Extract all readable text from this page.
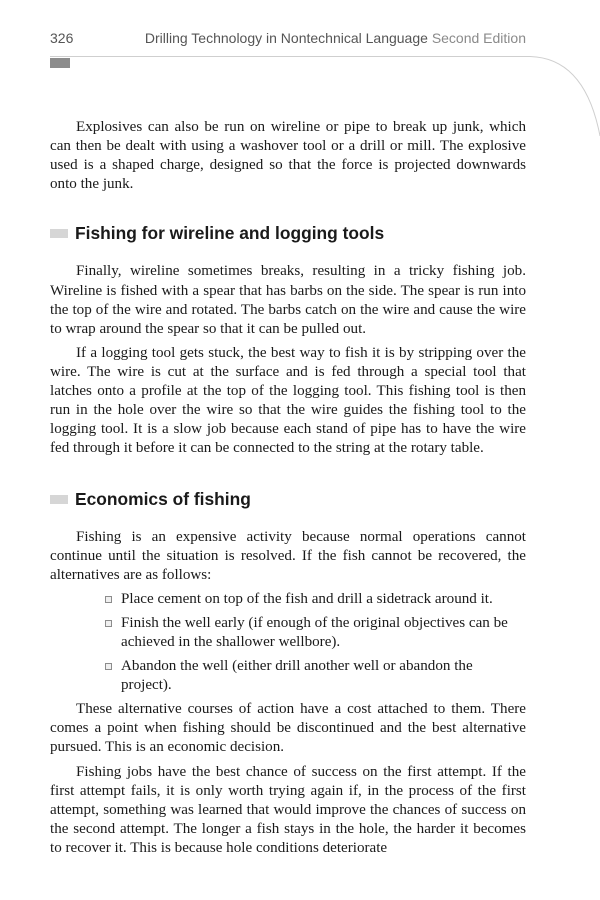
326	Drilling Technology in Nontechnical Language Second Edition

Explosives can also be run on wireline or pipe to break up junk, which can then be dealt with using a washover tool or a drill or mill. The explosive used is a shaped charge, designed so that the force is projected downwards onto the junk.

Fishing for wireline and logging tools

Finally, wireline sometimes breaks, resulting in a tricky fishing job. Wireline is fished with a spear that has barbs on the side. The spear is run into the top of the wire and rotated. The barbs catch on the wire and cause the wire to wrap around the spear so that it can be pulled out.

If a logging tool gets stuck, the best way to fish it is by stripping over the wire. The wire is cut at the surface and is fed through a special tool that latches onto a profile at the top of the logging tool. This fishing tool is then run in the hole over the wire so that the wire guides the fishing tool to the logging tool. It is a slow job because each stand of pipe has to have the wire fed through it before it can be connected to the string at the rotary table.

Economics of fishing

Fishing is an expensive activity because normal operations cannot continue until the situation is resolved. If the fish cannot be recovered, the alternatives are as follows:

Place cement on top of the fish and drill a sidetrack around it.
Finish the well early (if enough of the original objectives can be achieved in the shallower wellbore).
Abandon the well (either drill another well or abandon the project).

These alternative courses of action have a cost attached to them. There comes a point when fishing should be discontinued and the best alternative pursued. This is an economic decision.

Fishing jobs have the best chance of success on the first attempt. If the first attempt fails, it is only worth trying again if, in the process of the first attempt, something was learned that would improve the chances of success on the second attempt. The longer a fish stays in the hole, the harder it becomes to recover it. This is because hole conditions deteriorate
